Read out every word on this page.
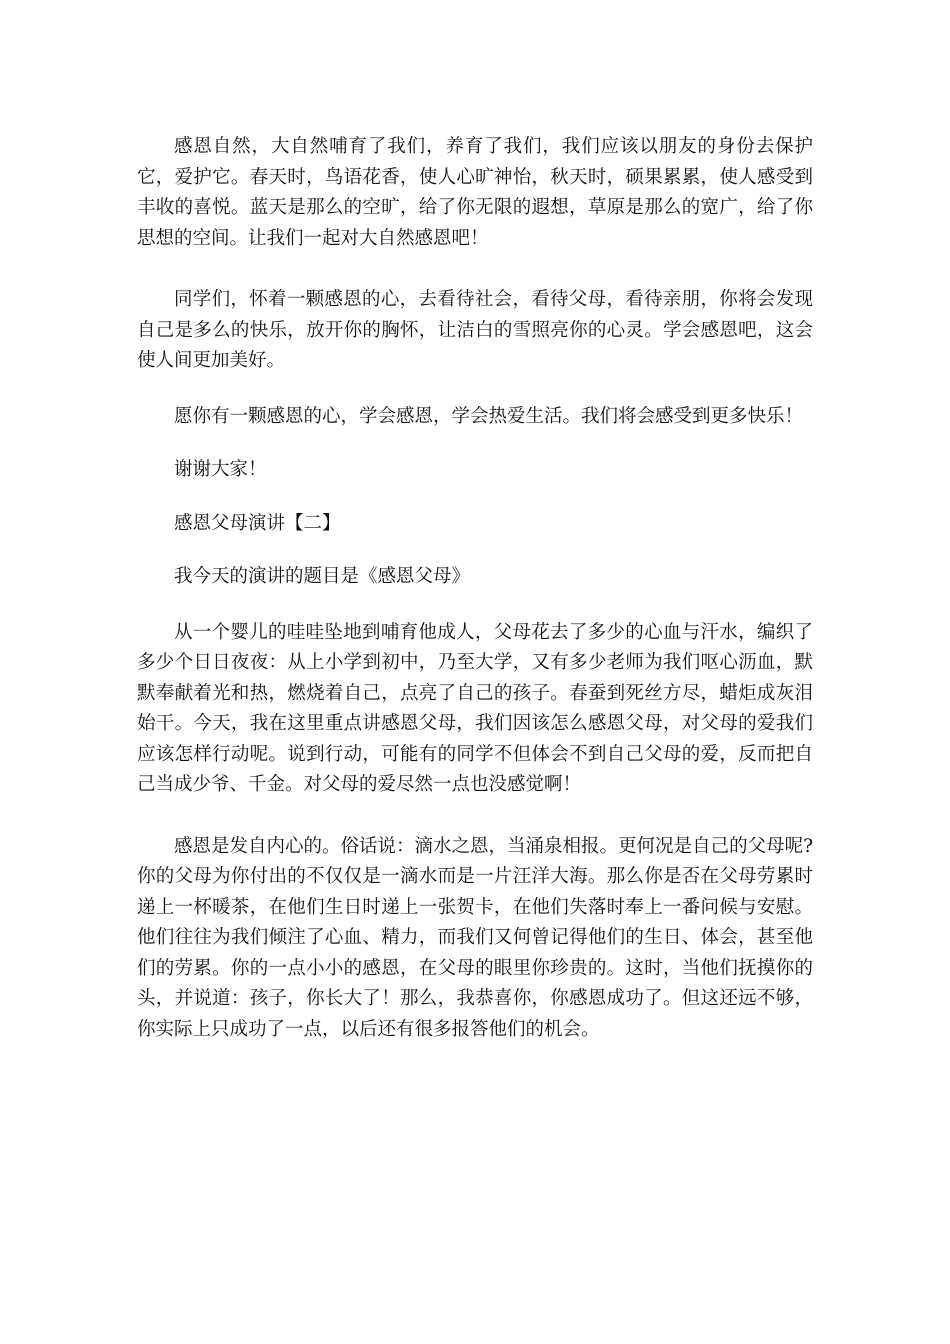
感恩自然，大自然哺育了我们，养育了我们，我们应该以朋友的身份去保护它，爱护它。春天时，鸟语花香，使人心旷神怡，秋天时，硕果累累，使人感受到丰收的喜悦。蓝天是那么的空旷，给了你无限的遐想，草原是那么的宽广，给了你思想的空间。让我们一起对大自然感恩吧！

同学们，怀着一颗感恩的心，去看待社会，看待父母，看待亲朋，你将会发现自己是多么的快乐，放开你的胸怀，让洁白的雪照亮你的心灵。学会感恩吧，这会使人间更加美好。

愿你有一颗感恩的心，学会感恩，学会热爱生活。我们将会感受到更多快乐！

谢谢大家！

感恩父母演讲【二】

我今天的演讲的题目是《感恩父母》

从一个婴儿的哇哇坠地到哺育他成人，父母花去了多少的心血与汗水，编织了多少个日日夜夜：从上小学到初中，乃至大学，又有多少老师为我们呕心沥血，默默奉献着光和热，燃烧着自己，点亮了自己的孩子。春蚕到死丝方尽，蜡炬成灰泪始干。今天，我在这里重点讲感恩父母，我们因该怎么感恩父母，对父母的爱我们应该怎样行动呢。说到行动，可能有的同学不但体会不到自己父母的爱，反而把自己当成少爷、千金。对父母的爱尽然一点也没感觉啊！

感恩是发自内心的。俗话说：滴水之恩，当涌泉相报。更何况是自己的父母呢?你的父母为你付出的不仅仅是一滴水而是一片汪洋大海。那么你是否在父母劳累时递上一杯暖茶，在他们生日时递上一张贺卡，在他们失落时奉上一番问候与安慰。他们往往为我们倾注了心血、精力，而我们又何曾记得他们的生日、体会，甚至他们的劳累。你的一点小小的感恩，在父母的眼里你珍贵的。这时，当他们抚摸你的头，并说道：孩子，你长大了！那么，我恭喜你，你感恩成功了。但这还远不够，你实际上只成功了一点，以后还有很多报答他们的机会。
